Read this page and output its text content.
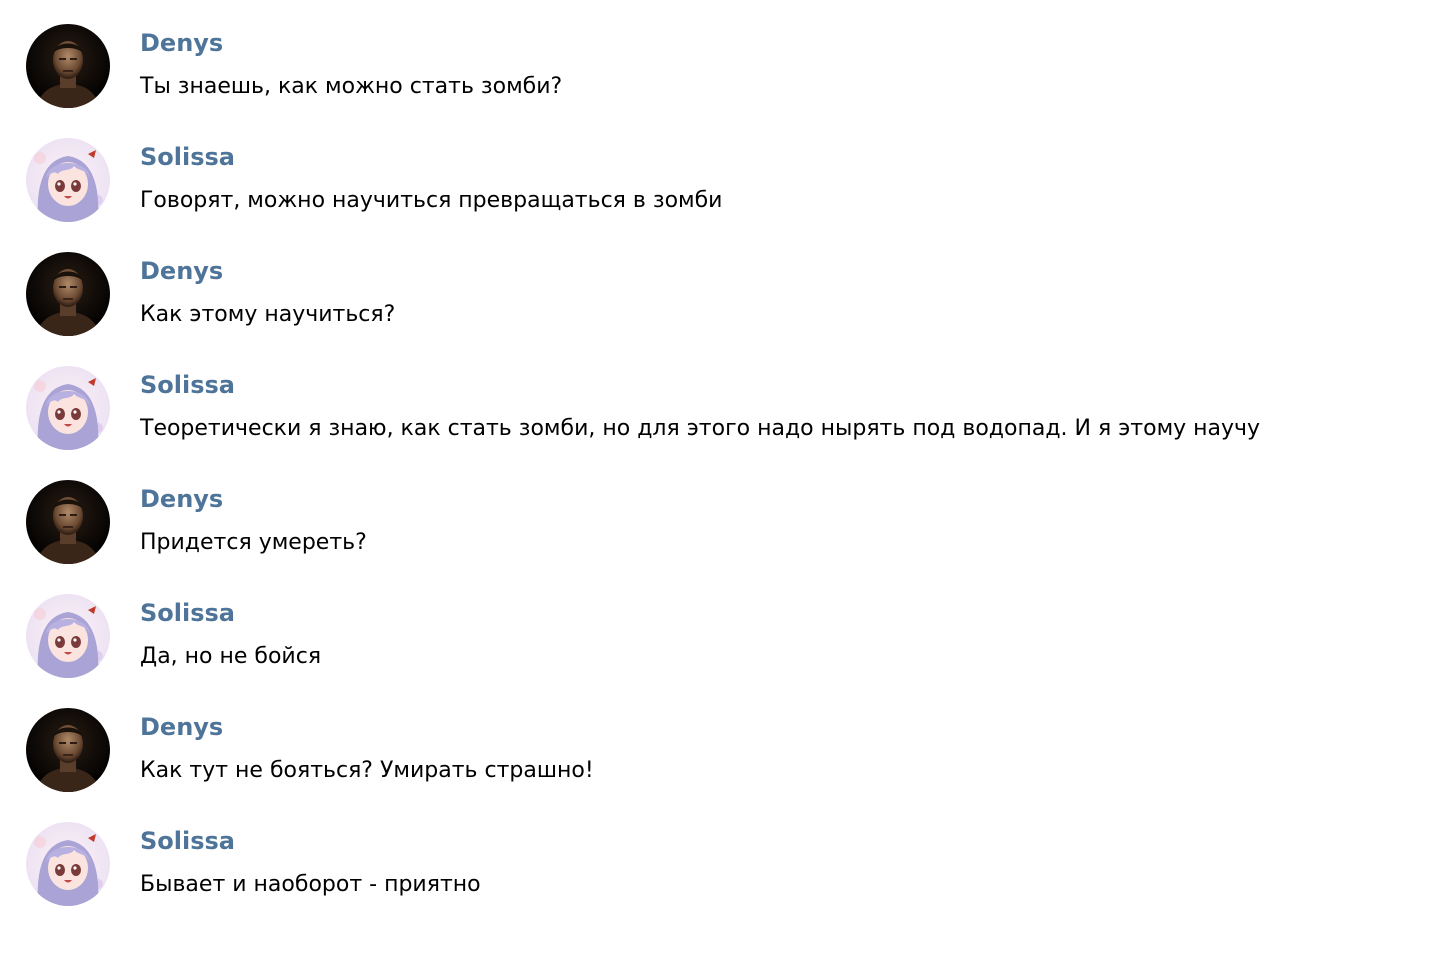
Denys
Ты знаешь, как можно стать зомби?
Solissa
Говорят, можно научиться превращаться в зомби
Denys
Как этому научиться?
Solissa
Теоретически я знаю, как стать зомби, но для этого надо нырять под водопад. И я этому научу
Denys
Придется умереть?
Solissa
Да, но не бойся
Denys
Как тут не бояться? Умирать страшно!
Solissa
Бывает и наоборот - приятно
